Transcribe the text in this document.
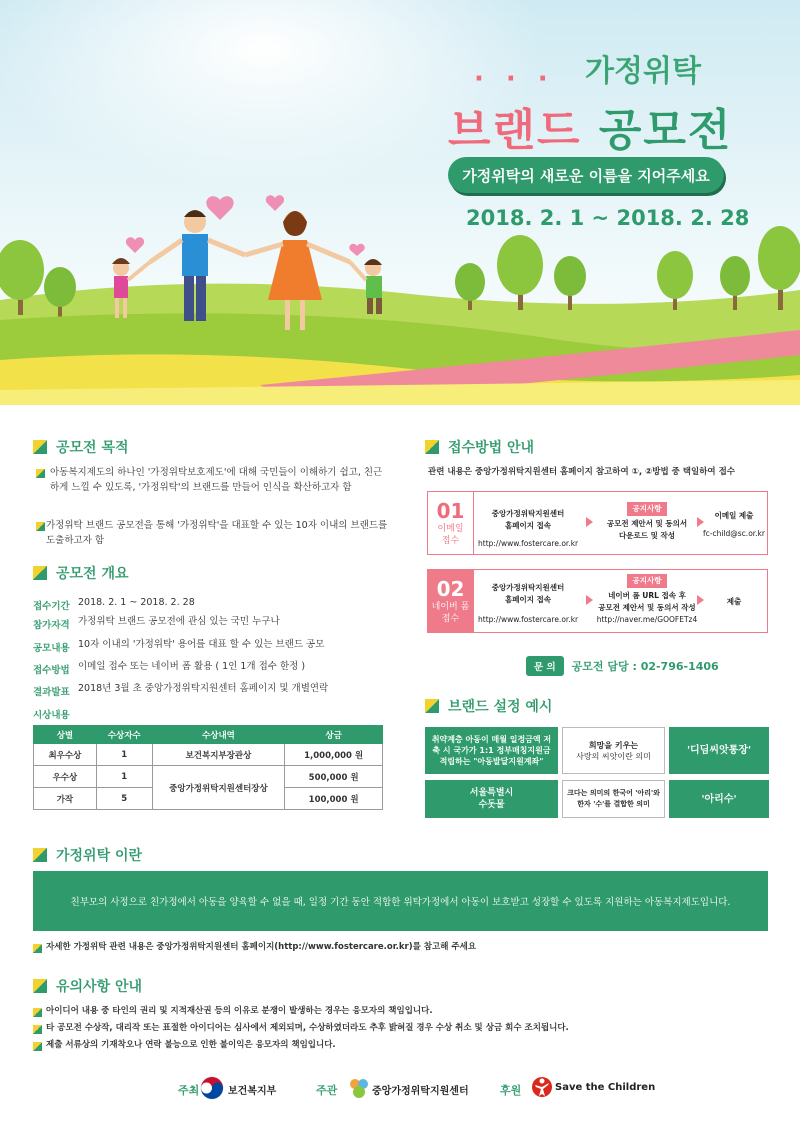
··· 가정위탁
브랜드 공모전
가정위탁의 새로운 이름을 지어주세요
2018. 2. 1 ~ 2018. 2. 28
공모전 목적
아동복지제도의 하나인 '가정위탁보호제도'에 대해 국민들이 이해하기 쉽고, 친근하게 느낄 수 있도록, '가정위탁'의 브랜드를 만들어 인식을 확산하고자 함
가정위탁 브랜드 공모전을 통해 '가정위탁'을 대표할 수 있는 10자 이내의 브랜드를 도출하고자 함
공모전 개요
접수기간 2018. 2. 1 ~ 2018. 2. 28
참가자격 가정위탁 브랜드 공모전에 관심 있는 국민 누구나
공모내용 10자 이내의 '가정위탁' 용어를 대표 할 수 있는 브랜드 공모
접수방법 이메일 접수 또는 네이버 폼 활용 ( 1인 1개 접수 한정 )
결과발표 2018년 3월 초 중앙가정위탁지원센터 홈페이지 및 개별연락
시상내용
상별	수상자수	수상내역	상금
최우수상	1	보건복지부장관상	1,000,000 원
우수상	1	중앙가정위탁지원센터장상	500,000 원
가작	5		100,000 원
접수방법 안내
관련 내용은 중앙가정위탁지원센터 홈페이지 참고하여 ①, ②방법 중 택일하여 접수
01
이메일
접수
중앙가정위탁지원센터
홈페이지 접속
http://www.fostercare.or.kr
공지사항
공모전 제안서 및 동의서
다운로드 및 작성
이메일 제출
fc-child@sc.or.kr
02
네이버 폼
접수
중앙가정위탁지원센터
홈페이지 접속
http://www.fostercare.or.kr
공지사항
네이버 폼 URL 접속 후
공모전 제안서 및 동의서 작성
http://naver.me/GOOFETz4
제출
문 의	공모전 담당 : 02-796-1406
브랜드 설정 예시
취약계층 아동이 매월 일정금액 저축 시 국가가 1:1 정부매칭지원금 적립하는 "아동발달지원계좌"
희망을 키우는
사랑의 씨앗이란 의미	'디딤씨앗통장'
서울특별시
수돗물
크다는 의미의 한국어 '아리'와
한자 '수'를 결합한 의미	'아리수'
가정위탁 이란
친부모의 사정으로 친가정에서 아동을 양육할 수 없을 때, 일정 기간 동안 적합한 위탁가정에서 아동이 보호받고 성장할 수 있도록 지원하는 아동복지제도입니다.
자세한 가정위탁 관련 내용은 중앙가정위탁지원센터 홈페이지(http://www.fostercare.or.kr)를 참고해 주세요
유의사항 안내
아이디어 내용 중 타인의 권리 및 지적재산권 등의 이유로 분쟁이 발생하는 경우는 응모자의 책임입니다.
타 공모전 수상작, 대리작 또는 표절한 아이디어는 심사에서 제외되며, 수상하였더라도 추후 밝혀질 경우 수상 취소 및 상금 회수 조치됩니다.
제출 서류상의 기재착오나 연락 불능으로 인한 불이익은 응모자의 책임입니다.
주최	보건복지부	주관	중앙가정위탁지원센터	후원	Save the Children
